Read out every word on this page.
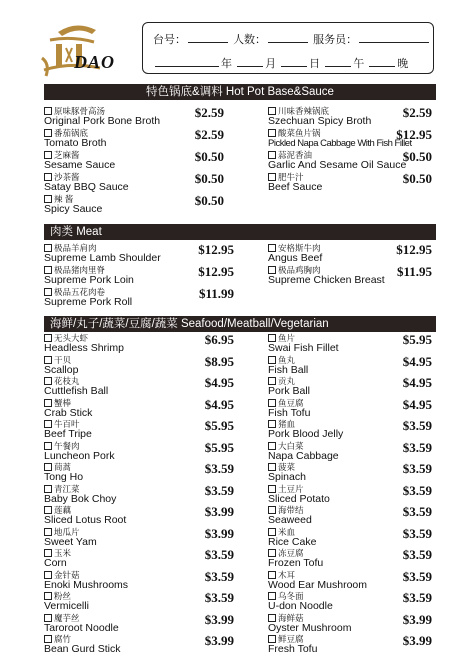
DAO
台号：	人数：	服务员：
年	月	日	午	晚
特色锅底&调料 Hot Pot Base&Sauce
原味豚骨高汤
Original Pork Bone Broth
$2.59
番茄锅底
Tomato Broth
$2.59
芝麻酱
Sesame Sauce
$0.50
沙茶酱
Satay BBQ Sauce
$0.50
辣 酱
Spicy Sauce
$0.50
川味香辣锅底
Szechuan Spicy Broth
$2.59
酸菜鱼片锅
Pickled Napa Cabbage With Fish Fillet
$12.95
蒜泥香油
Garlic And Sesame Oil Sauce
$0.50
肥牛汁
Beef Sauce
$0.50
肉类 Meat
极品羊肩肉
Supreme Lamb Shoulder
$12.95
极品猪肉里脊
Supreme Pork Loin
$12.95
极品五花肉卷
Supreme Pork Roll
$11.99
安格斯牛肉
Angus Beef
$12.95
极品鸡胸肉
Supreme Chicken Breast
$11.95
海鲜/丸子/蔬菜/豆腐/蔬菜 Seafood/Meatball/Vegetarian
无头大虾
Headless Shrimp
$6.95
干贝
Scallop
$8.95
花枝丸
Cuttlefish Ball
$4.95
蟹棒
Crab Stick
$4.95
牛百叶
Beef Tripe
$5.95
午餐肉
Luncheon Pork
$5.95
茼蒿
Tong Ho
$3.59
青江菜
Baby Bok Choy
$3.59
莲藕
Sliced Lotus Root
$3.99
地瓜片
Sweet Yam
$3.99
玉米
Corn
$3.59
金针菇
Enoki Mushrooms
$3.59
粉丝
Vermicelli
$3.59
魔芋丝
Taroroot Noodle
$3.99
腐竹
Bean Gurd Stick
$3.99
鱼片
Swai Fish Fillet
$5.95
鱼丸
Fish Ball
$4.95
贡丸
Pork Ball
$4.95
鱼豆腐
Fish Tofu
$4.95
猪血
Pork Blood Jelly
$3.59
大白菜
Napa Cabbage
$3.59
菠菜
Spinach
$3.59
土豆片
Sliced Potato
$3.59
海带结
Seaweed
$3.59
米血
Rice Cake
$3.59
冻豆腐
Frozen Tofu
$3.59
木耳
Wood Ear Mushroom
$3.59
乌冬面
U-don Noodle
$3.59
海鲜菇
Oyster Mushroom
$3.99
鲜豆腐
Fresh Tofu
$3.99
